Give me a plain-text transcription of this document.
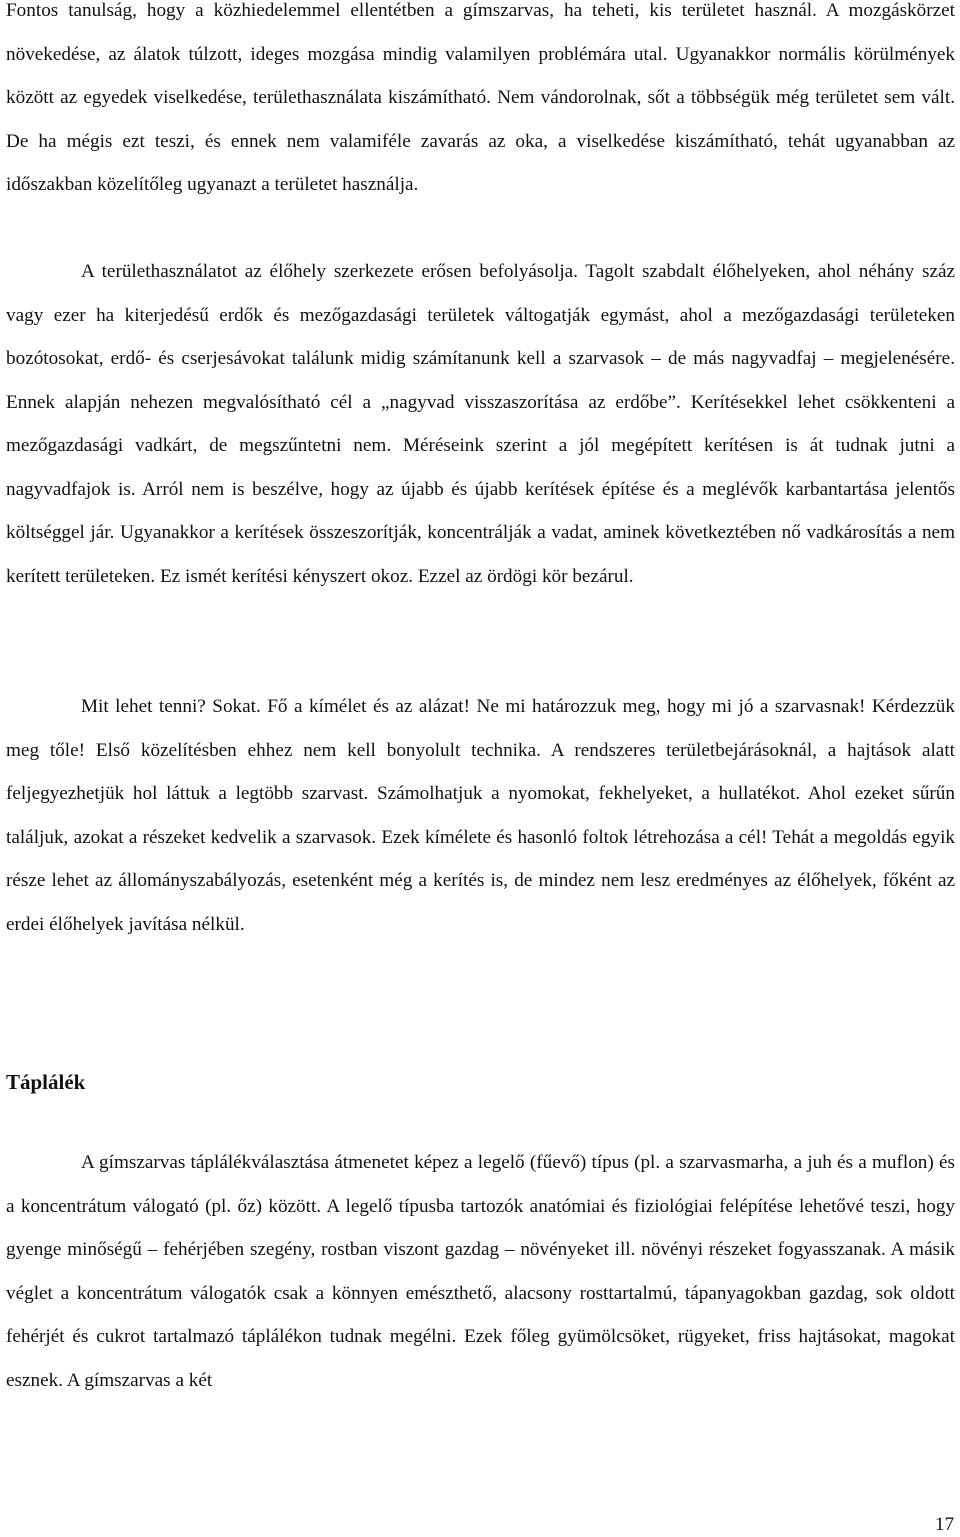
Fontos tanulság, hogy a közhiedelemmel ellentétben a gímszarvas, ha teheti, kis területet használ. A mozgáskörzet növekedése, az álatok túlzott, ideges mozgása mindig valamilyen problémára utal. Ugyanakkor normális körülmények között az egyedek viselkedése, területhasználata kiszámítható. Nem vándorolnak, sőt a többségük még területet sem vált. De ha mégis ezt teszi, és ennek nem valamiféle zavarás az oka, a viselkedése kiszámítható, tehát ugyanabban az időszakban közelítőleg ugyanazt a területet használja.

A területhasználatot az élőhely szerkezete erősen befolyásolja. Tagolt szabdalt élőhelyeken, ahol néhány száz vagy ezer ha kiterjedésű erdők és mezőgazdasági területek váltogatják egymást, ahol a mezőgazdasági területeken bozótosokat, erdő- és cserjesávokat találunk midig számítanunk kell a szarvasok – de más nagyvadfaj – megjelenésére. Ennek alapján nehezen megvalósítható cél a „nagyvad visszaszorítása az erdőbe”. Kerítésekkel lehet csökkenteni a mezőgazdasági vadkárt, de megszűntetni nem. Méréseink szerint a jól megépített kerítésen is át tudnak jutni a nagyvadfajok is. Arról nem is beszélve, hogy az újabb és újabb kerítések építése és a meglévők karbantartása jelentős költséggel jár. Ugyanakkor a kerítések összeszorítják, koncentrálják a vadat, aminek következtében nő vadkárosítás a nem kerített területeken. Ez ismét kerítési kényszert okoz. Ezzel az ördögi kör bezárul.

Mit lehet tenni? Sokat. Fő a kímélet és az alázat! Ne mi határozzuk meg, hogy mi jó a szarvasnak! Kérdezzük meg tőle! Első közelítésben ehhez nem kell bonyolult technika. A rendszeres területbejárásoknál, a hajtások alatt feljegyezhetjük hol láttuk a legtöbb szarvast. Számolhatjuk a nyomokat, fekhelyeket, a hullatékot. Ahol ezeket sűrűn találjuk, azokat a részeket kedvelik a szarvasok. Ezek kímélete és hasonló foltok létrehozása a cél! Tehát a megoldás egyik része lehet az állományszabályozás, esetenként még a kerítés is, de mindez nem lesz eredményes az élőhelyek, főként az erdei élőhelyek javítása nélkül.

Táplálék

A gímszarvas táplálékválasztása átmenetet képez a legelő (fűevő) típus (pl. a szarvasmarha, a juh és a muflon) és a koncentrátum válogató (pl. őz) között. A legelő típusba tartozók anatómiai és fiziológiai felépítése lehetővé teszi, hogy gyenge minőségű – fehérjében szegény, rostban viszont gazdag – növényeket ill. növényi részeket fogyasszanak. A másik véglet a koncentrátum válogatók csak a könnyen emészthető, alacsony rosttartalmú, tápanyagokban gazdag, sok oldott fehérjét és cukrot tartalmazó táplálékon tudnak megélni. Ezek főleg gyümölcsöket, rügyeket, friss hajtásokat, magokat esznek. A gímszarvas a két

17
